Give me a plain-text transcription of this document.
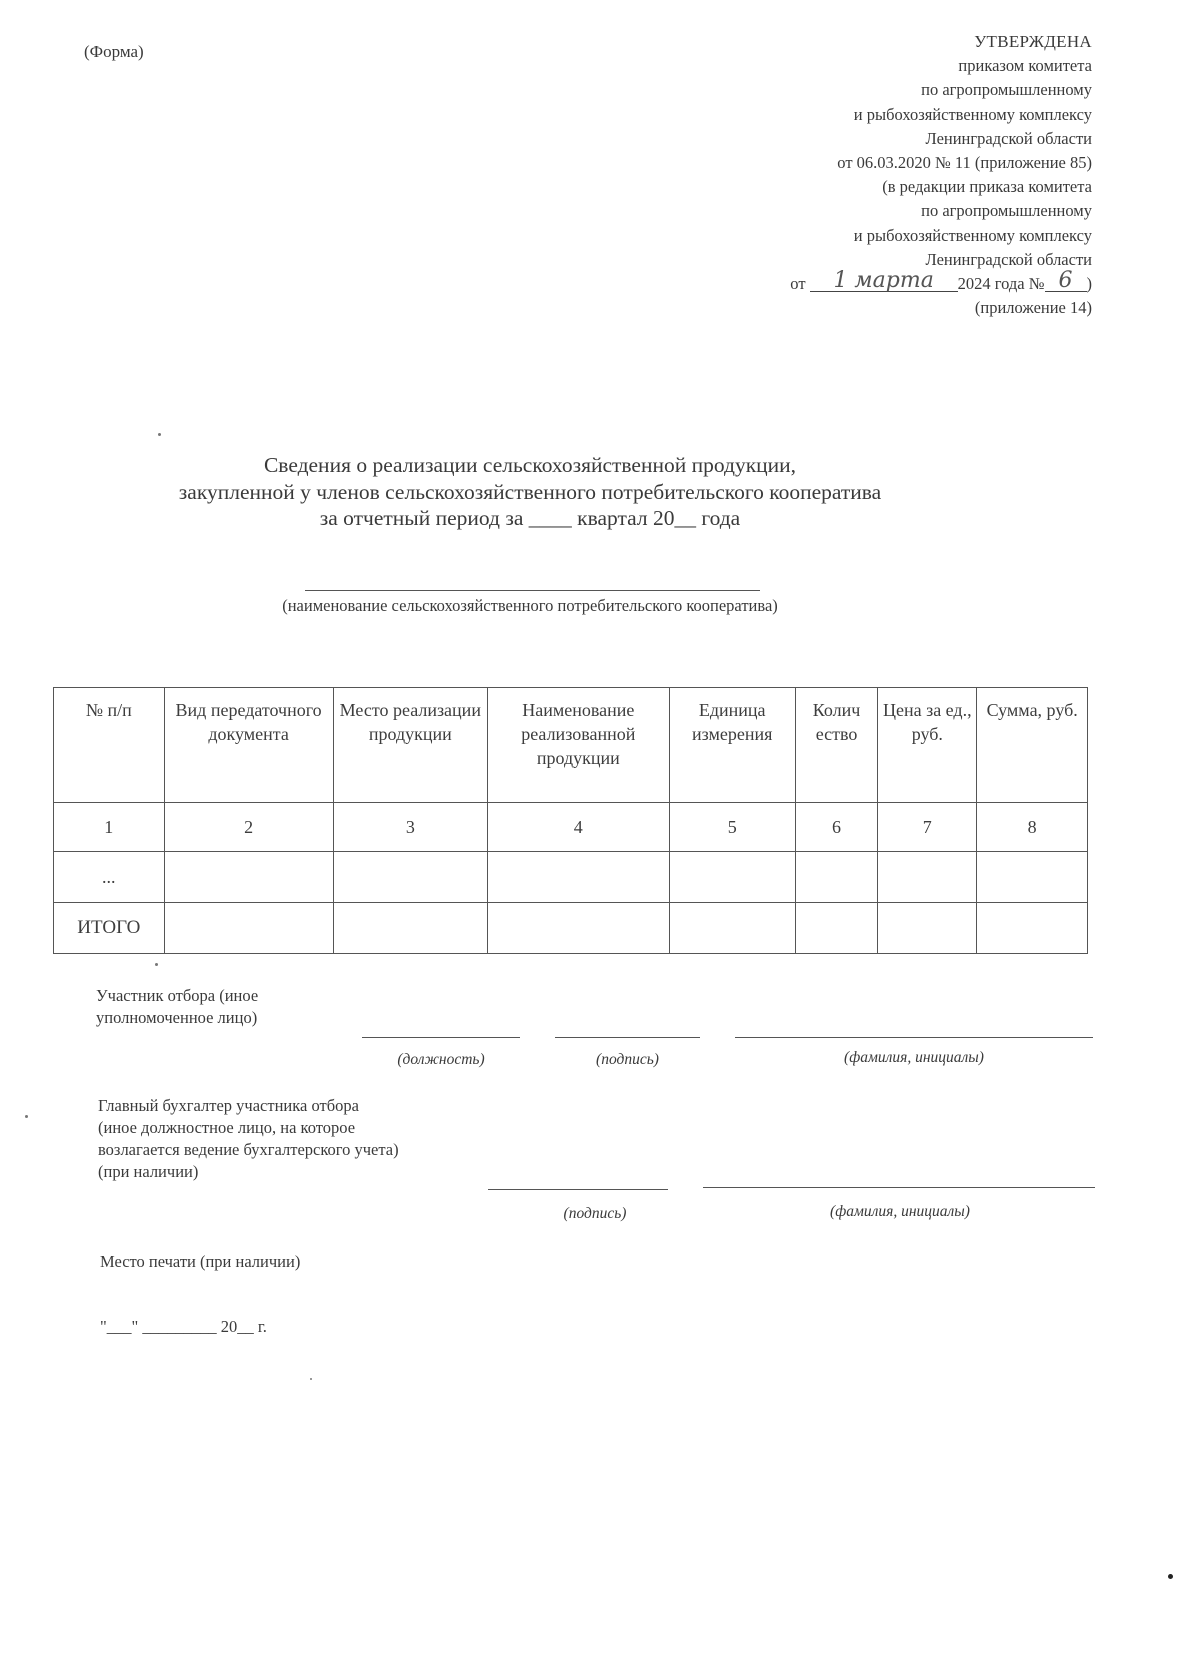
(Форма)
УТВЕРЖДЕНА
приказом комитета
по агропромышленному
и рыбохозяйственному комплексу
Ленинградской области
от 06.03.2020 № 11 (приложение 85)
(в редакции приказа комитета
по агропромышленному
и рыбохозяйственному комплексу
Ленинградской области
от 1 марта 2024 года № 6 )
(приложение 14)
Сведения о реализации сельскохозяйственной продукции,
закупленной у членов сельскохозяйственного потребительского кооператива
за отчетный период за ____ квартал 20__ года
(наименование сельскохозяйственного потребительского кооператива)
№ п/п	Вид передаточного документа	Место реализации продукции	Наименование реализованной продукции	Единица измерения	Колич ество	Цена за ед., руб.	Сумма, руб.
1	2	3	4	5	6	7	8
...							
ИТОГО							
Участник отбора (иное
уполномоченное лицо)
(должность)	(подпись)	(фамилия, инициалы)
Главный бухгалтер участника отбора
(иное должностное лицо, на которое
возлагается ведение бухгалтерского учета)
(при наличии)
(подпись)	(фамилия, инициалы)
Место печати (при наличии)
"___" _________ 20__ г.
